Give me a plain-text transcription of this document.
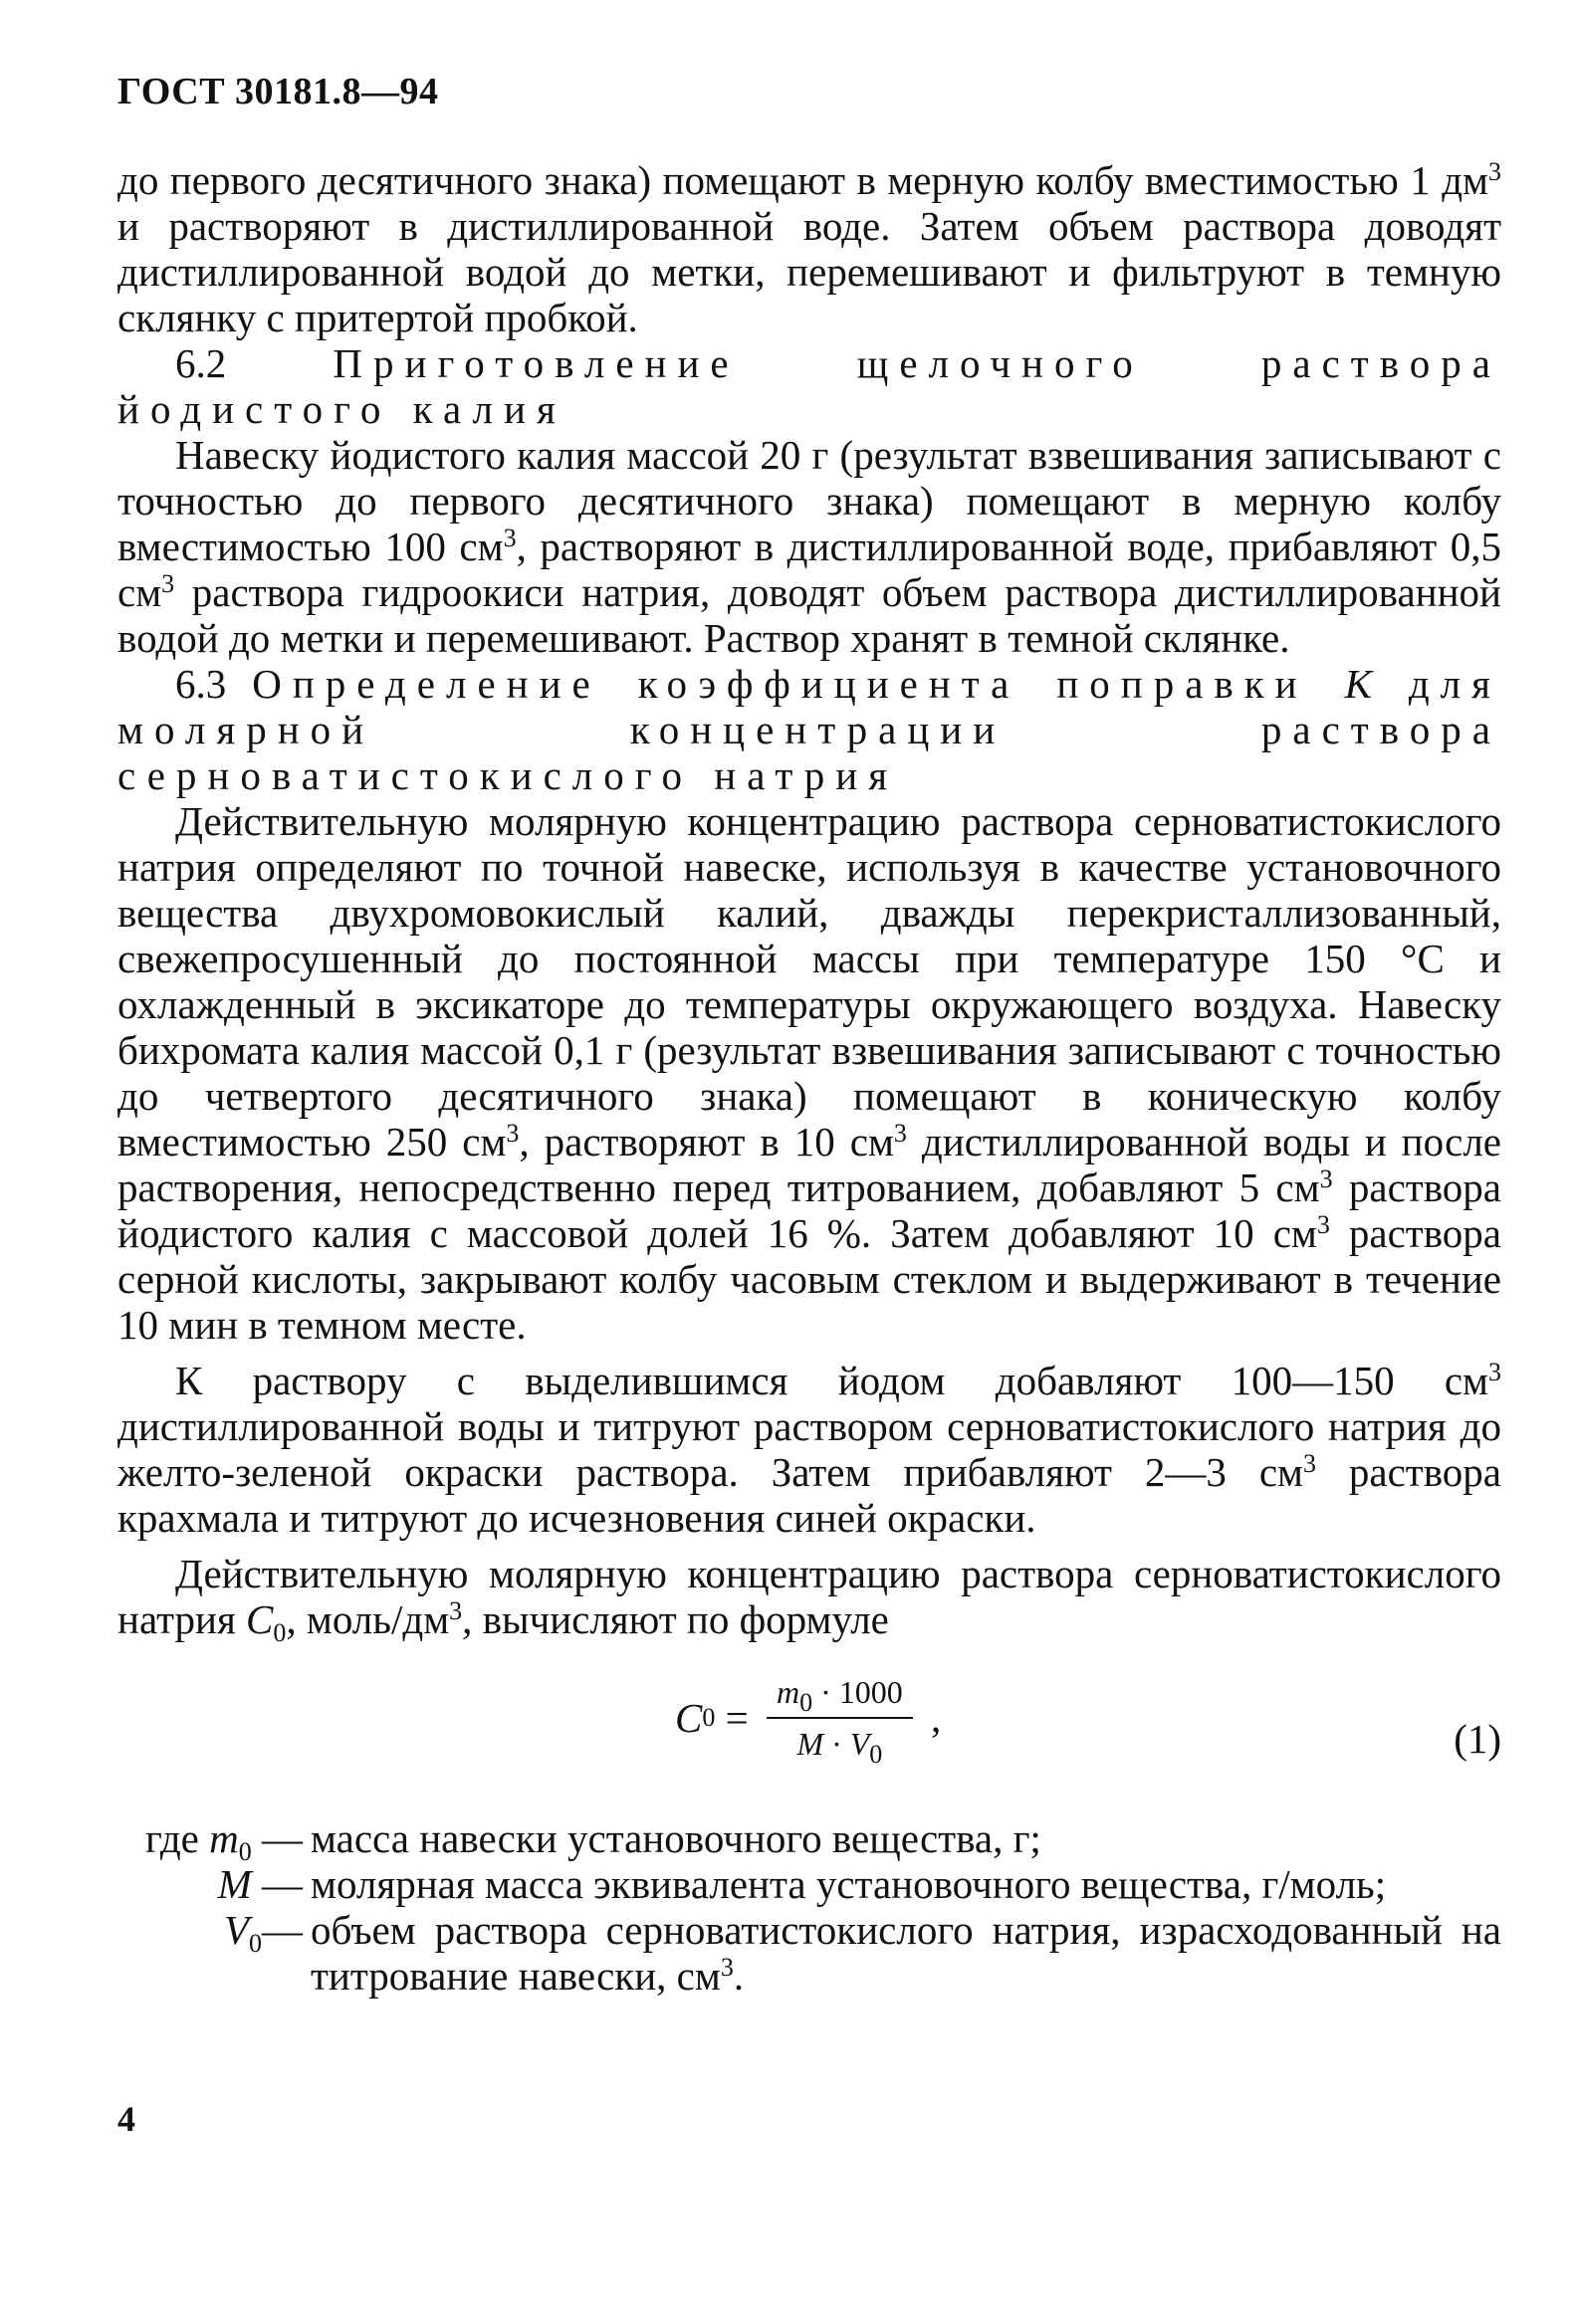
ГОСТ 30181.8—94

до первого десятичного знака) помещают в мерную колбу вместимостью 1 $дм^3$ и растворяют в дистиллированной воде. Затем объем раствора доводят дистиллированной водой до метки, перемешивают и фильтруют в темную склянку с притертой пробкой.

6.2 Приготовление щелочного раствора йодистого калия

Навеску йодистого калия массой 20 г (результат взвешивания записывают с точностью до первого десятичного знака) помещают в мерную колбу вместимостью 100 $см^3$, растворяют в дистиллированной воде, прибавляют 0,5 $см^3$ раствора гидроокиси натрия, доводят объем раствора дистиллированной водой до метки и перемешивают. Раствор хранят в темной склянке.

6.3 Определение коэффициента поправки К для молярной концентрации раствора серноватистокислого натрия

Действительную молярную концентрацию раствора серноватистокислого натрия определяют по точной навеске, используя в качестве установочного вещества двухромовокислый калий, дважды перекристаллизованный, свежепросушенный до постоянной массы при температуре 150 °С и охлажденный в эксикаторе до температуры окружающего воздуха. Навеску бихромата калия массой 0,1 г (результат взвешивания записывают с точностью до четвертого десятичного знака) помещают в коническую колбу вместимостью 250 $см^3$, растворяют в 10 $см^3$ дистиллированной воды и после растворения, непосредственно перед титрованием, добавляют 5 $см^3$ раствора йодистого калия с массовой долей 16 %. Затем добавляют 10 $см^3$ раствора серной кислоты, закрывают колбу часовым стеклом и выдерживают в течение 10 мин в темном месте.

К раствору с выделившимся йодом добавляют 100—150 $см^3$ дистиллированной воды и титруют раствором серноватистокислого натрия до желто-зеленой окраски раствора. Затем прибавляют 2—3 $см^3$ раствора крахмала и титруют до исчезновения синей окраски.

Действительную молярную концентрацию раствора серноватистокислого натрия $C_0$, моль/$дм^3$, вычисляют по формуле

C $0 = \frac{m_0 \cdot 1000}{M \cdot V_0}$ ,	(1)
где $m_0$ — масса навески установочного вещества, г;
M — молярная масса эквивалента установочного вещества, г/моль;
$V_0—$ объем раствора серноватистокислого натрия, израсходованный на титрование навески, $см^3$.
4
